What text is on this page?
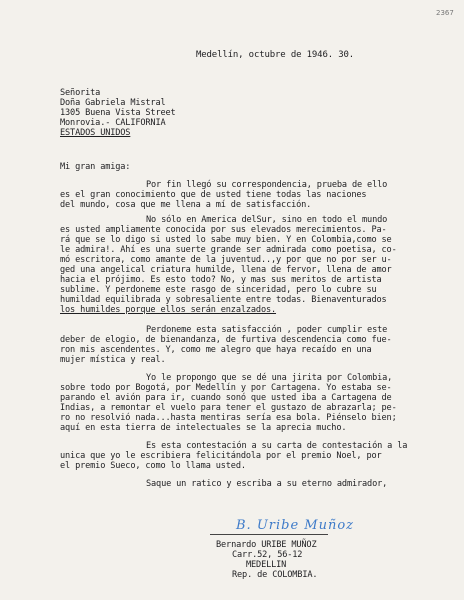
2367
Medellín, octubre de 1946. 30.
Señorita
Doña Gabriela Mistral
1305 Buena Vista Street
Monrovia.- CALIFORNIA
ESTADOS UNIDOS
Mi gran amiga:
Por fin llegó su correspondencia, prueba de ello
es el gran conocimiento que de usted tiene todas las naciones
del mundo, cosa que me llena a mí de satisfacción.
No sólo en America delSur, sino en todo el mundo
es usted ampliamente conocida por sus elevados merecimientos. Pa-
rá que se lo digo si usted lo sabe muy bien. Y en Colombia,como se
le admira!. Ahí es una suerte grande ser admirada como poetisa, co-
mó escritora, como amante de la juventud..,y por que no por ser u-
ged una angelical criatura humilde, llena de fervor, llena de amor
hacia el prójimo. Es esto todo? No, y mas sus meritos de artista
sublime. Y perdoneme este rasgo de sinceridad, pero lo cubre su
humildad equilibrada y sobresaliente entre todas. Bienaventurados
los humildes porque ellos serán enzalzados.
Perdoneme esta satisfacción , poder cumplir este
deber de elogio, de bienandanza, de furtiva descendencia como fue-
ron mis ascendentes. Y, como me alegro que haya recaído en una
mujer mística y real.
Yo le propongo que se dé una jirita por Colombia,
sobre todo por Bogotá, por Medellín y por Cartagena. Yo estaba se-
parando el avión para ir, cuando sonó que usted iba a Cartagena de
Indias, a remontar el vuelo para tener el gustazo de abrazarla; pe-
ro no resolvió nada...hasta mentiras sería esa bola. Piénselo bien;
aquí en esta tierra de intelectuales se la aprecia mucho.
Es esta contestación a su carta de contestación a la
unica que yo le escribiera felicitándola por el premio Noel, por
el premio Sueco, como lo llama usted.
Saque un ratico y escriba a su eterno admirador,
B. Uribe Muñoz
Bernardo URIBE MUÑOZ
Carr.52, 56-12
MEDELLIN
Rep. de COLOMBIA.
